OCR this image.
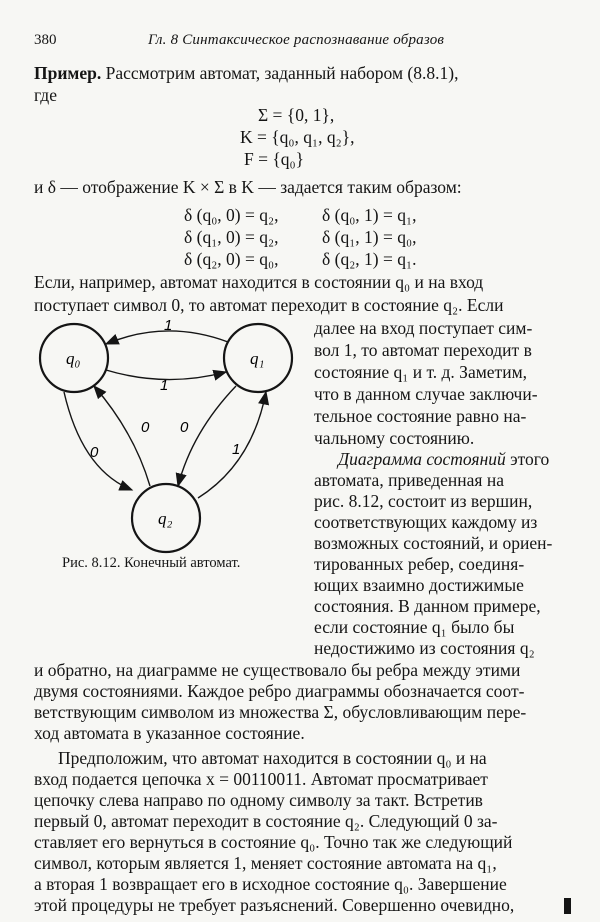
380	Гл. 8 Синтаксическое распознавание образов
Пример. Рассмотрим автомат, заданный набором (8.8.1),
где
Σ = {0, 1},
K = {q₀, q₁, q₂},
F = {q₀}
и δ — отображение K × Σ в K — задается таким образом:
δ (q₀, 0) = q₂, δ (q₀, 1) = q₁,
δ (q₁, 0) = q₂, δ (q₁, 1) = q₀,
δ (q₂, 0) = q₀, δ (q₂, 1) = q₁.
Если, например, автомат находится в состоянии q₀ и на вход
поступает символ 0, то автомат переходит в состояние q₂. Если
далее на вход поступает сим-
вол 1, то автомат переходит в
состояние q₁ и т. д. Заметим,
что в данном случае заключи-
тельное состояние равно на-
чальному состоянию.
Диаграмма состояний этого
автомата, приведенная на
рис. 8.12, состоит из вершин,
соответствующих каждому из
возможных состояний, и ориен-
тированных ребер, соединя-
ющих взаимно достижимые
состояния. В данном примере,
если состояние q₁ было бы
недостижимо из состояния q₂
и обратно, на диаграмме не существовало бы ребра между этими
двумя состояниями. Каждое ребро диаграммы обозначается соот-
ветствующим символом из множества Σ, обусловливающим пере-
ход автомата в указанное состояние.
Предположим, что автомат находится в состоянии q₀ и на
вход подается цепочка x = 00110011. Автомат просматривает
цепочку слева направо по одному символу за такт. Встретив
первый 0, автомат переходит в состояние q₂. Следующий 0 за-
ставляет его вернуться в состояние q₀. Точно так же следующий
символ, которым является 1, меняет состояние автомата на q₁,
а вторая 1 возвращает его в исходное состояние q₀. Завершение
этой процедуры не требует разъяснений. Совершенно очевидно,
q₀	q₁
q₂
1
1
0
0 0
1
Рис. 8.12. Конечный автомат.
